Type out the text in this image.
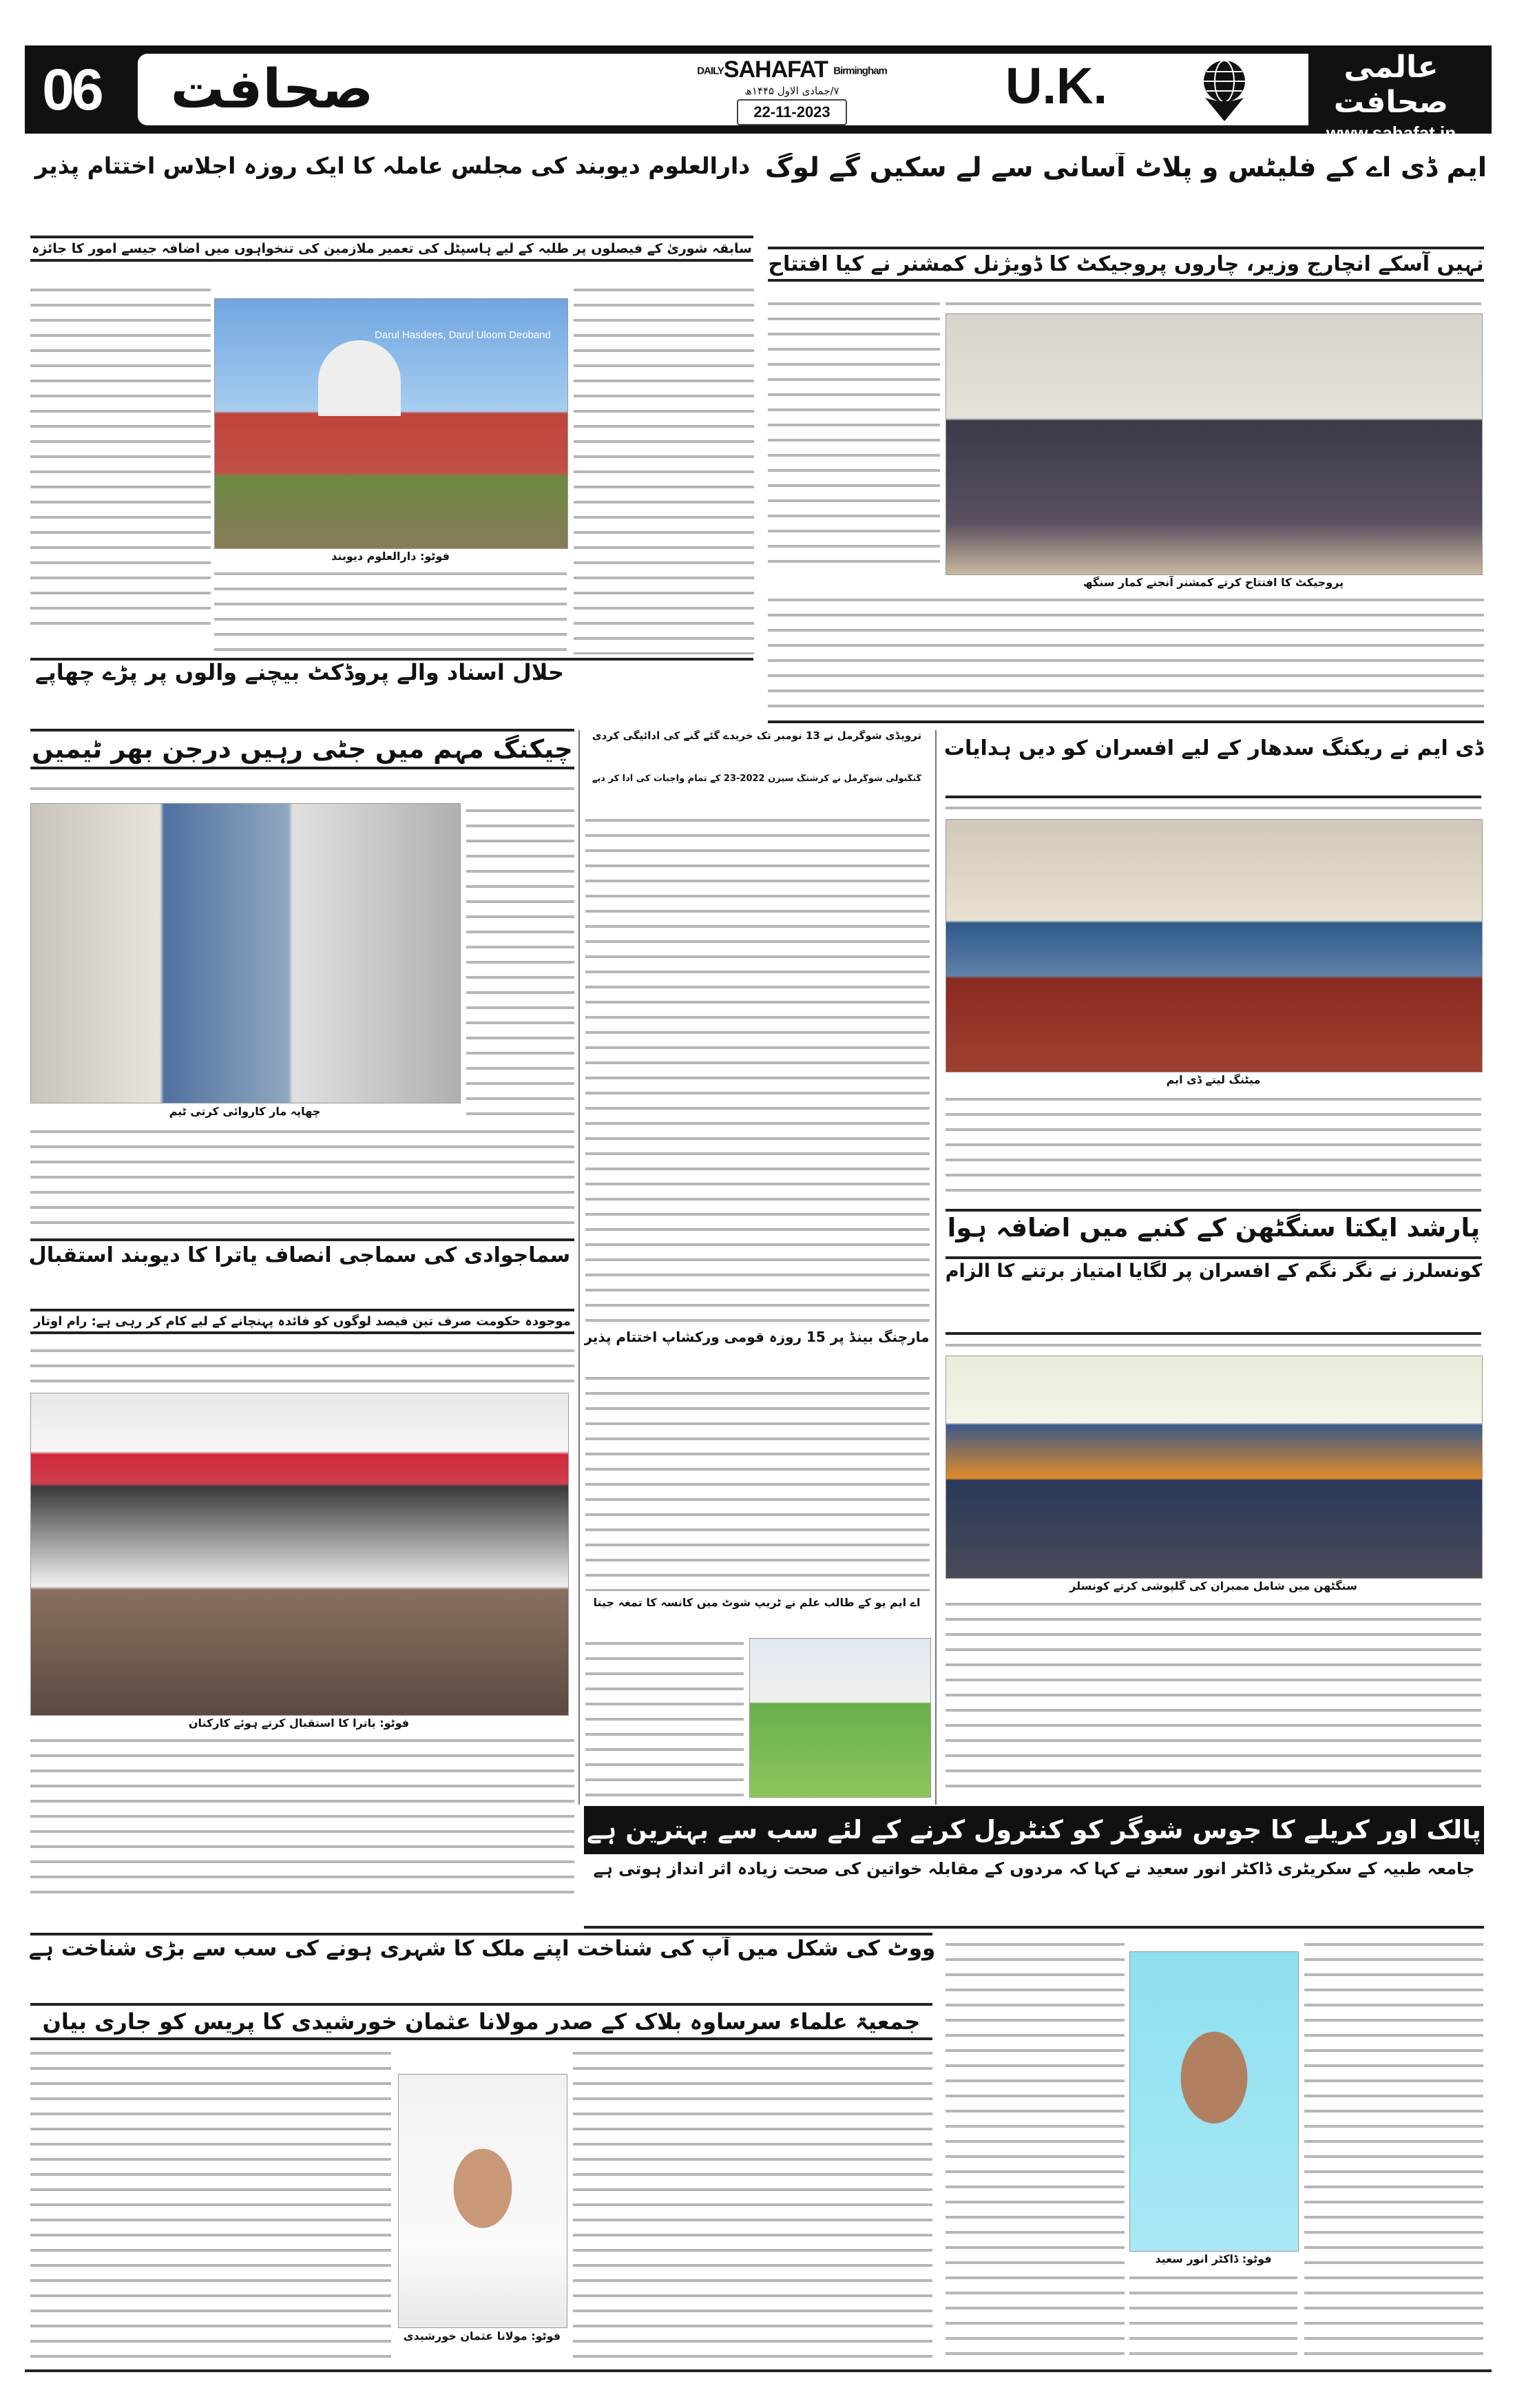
06 صحافت	DAILYSAHAFAT Birmingham
۷/جمادی الاول ۱۴۴۵ھ
22-11-2023	U.K.	عالمی صحافت
www.sahafat.in
دارالعلوم دیوبند کی مجلس عاملہ کا ایک روزہ اجلاس اختتام پذیر ایم ڈی اے کے فلیٹس و پلاٹ آسانی سے لے سکیں گے لوگ
سابقہ شوریٰ کے فیصلوں پر طلبہ کے لیے ہاسپٹل کی تعمیر ملازمین کی تنخواہوں میں اضافہ جیسے امور کا جائزہ
نہیں آسکے انچارج وزیر، چاروں پروجیکٹ کا ڈویژنل کمشنر نے کیا افتتاح
Darul Hasdees, Darul Uloom Deoband
فوٹو: دارالعلوم دیوبند
پروجیکٹ کا افتتاح کرتے کمشنر آنجنے کمار سنگھ
حلال اسناد والے پروڈکٹ بیچنے والوں پر پڑے چھاپے
چیکنگ مہم میں جٹی رہیں درجن بھر ٹیمیں
چھاپہ مار کاروائی کرتی ٹیم
ترویڈی شوگرمل نے 13 نومبر تک خریدے گئے گنے کی ادائیگی کردی
گنگنولی شوگرمل نے کرشنگ سیزن 2022-23 کے تمام واجبات کی ادا کر دیے
مارچنگ بینڈ پر 15 روزہ قومی ورکشاپ اختتام پذیر
اے ایم یو کے طالب علم نے ٹریپ شوٹ میں کانسہ کا تمغہ جیتا
ڈی ایم نے ریکنگ سدھار کے لیے افسران کو دیں ہدایات
میٹنگ لیتے ڈی ایم
پارشد ایکتا سنگٹھن کے کنبے میں اضافہ ہوا
کونسلرز نے نگر نگم کے افسران پر لگایا امتیاز برتنے کا الزام
سنگٹھن میں شامل ممبران کی گلپوشی کرتے کونسلر
سماجوادی کی سماجی انصاف یاترا کا دیوبند استقبال
موجودہ حکومت صرف تین فیصد لوگوں کو فائدہ پہنچانے کے لیے کام کر رہی ہے: رام اوتار
فوٹو: یاترا کا استقبال کرتے ہوئے کارکنان
پالک اور کریلے کا جوس شوگر کو کنٹرول کرنے کے لئے سب سے بہترین ہے
جامعہ طبیہ کے سکریٹری ڈاکٹر انور سعید نے کہا کہ مردوں کے مقابلہ خواتین کی صحت زیادہ اثر انداز ہوتی ہے
ووٹ کی شکل میں آپ کی شناخت اپنے ملک کا شہری ہونے کی سب سے بڑی شناخت ہے
جمعیۃ علماء سرساوہ بلاک کے صدر مولانا عثمان خورشیدی کا پریس کو جاری بیان
فوٹو: مولانا عثمان خورشیدی
فوٹو: ڈاکٹر انور سعید
